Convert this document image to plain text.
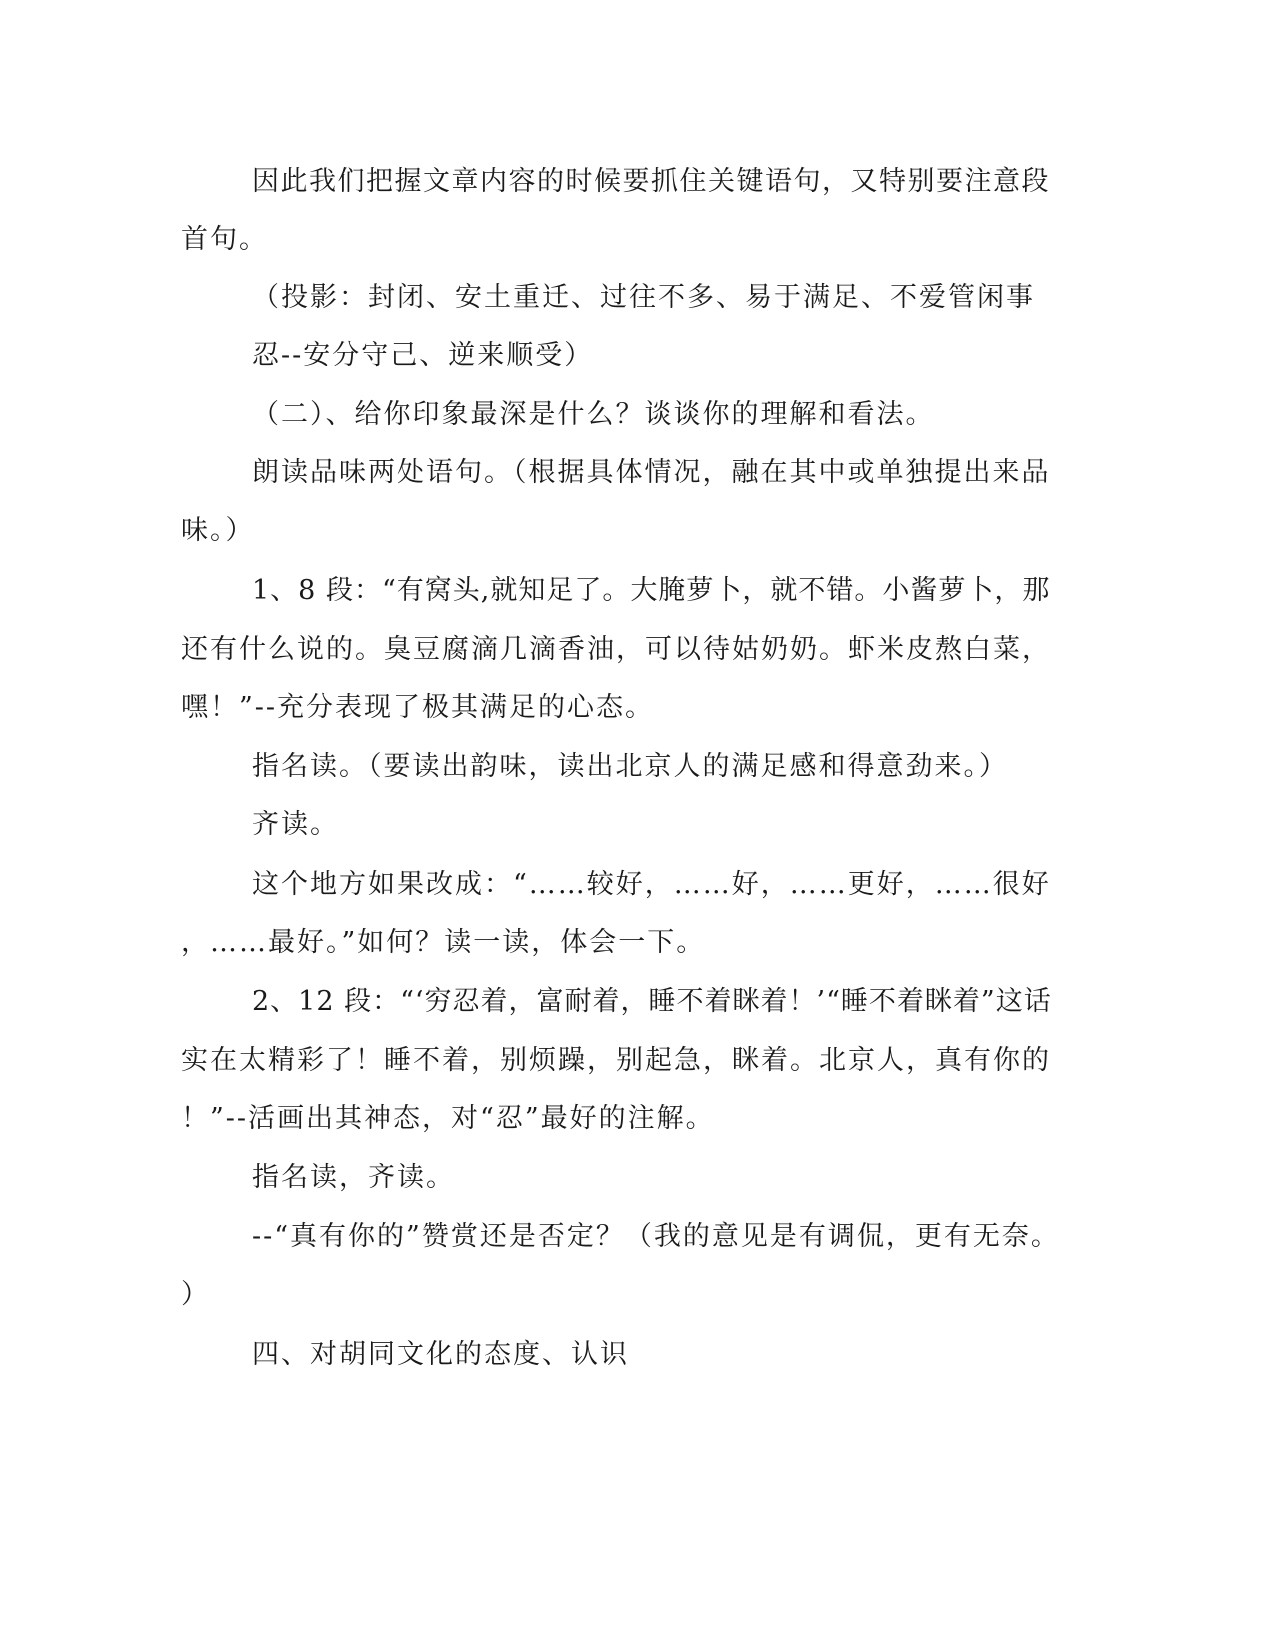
因此我们把握文章内容的时候要抓住关键语句，又特别要注意段
首句。
（投影：封闭、安土重迁、过往不多、易于满足、不爱管闲事
忍--安分守己、逆来顺受）
（二）、给你印象最深是什么？谈谈你的理解和看法。
朗读品味两处语句。（根据具体情况，融在其中或单独提出来品
味。）
1、8 段：“有窝头,就知足了。大腌萝卜，就不错。小酱萝卜，那
还有什么说的。臭豆腐滴几滴香油，可以待姑奶奶。虾米皮熬白菜，
嘿！”--充分表现了极其满足的心态。
指名读。（要读出韵味，读出北京人的满足感和得意劲来。）
齐读。
这个地方如果改成：“……较好，……好，……更好，……很好
，……最好。”如何？读一读，体会一下。
2、12 段：“‘穷忍着，富耐着，睡不着眯着！’“睡不着眯着”这话
实在太精彩了！睡不着，别烦躁，别起急，眯着。北京人，真有你的
！”--活画出其神态，对“忍”最好的注解。
指名读，齐读。
--“真有你的”赞赏还是否定？（我的意见是有调侃，更有无奈。
）
四、对胡同文化的态度、认识
